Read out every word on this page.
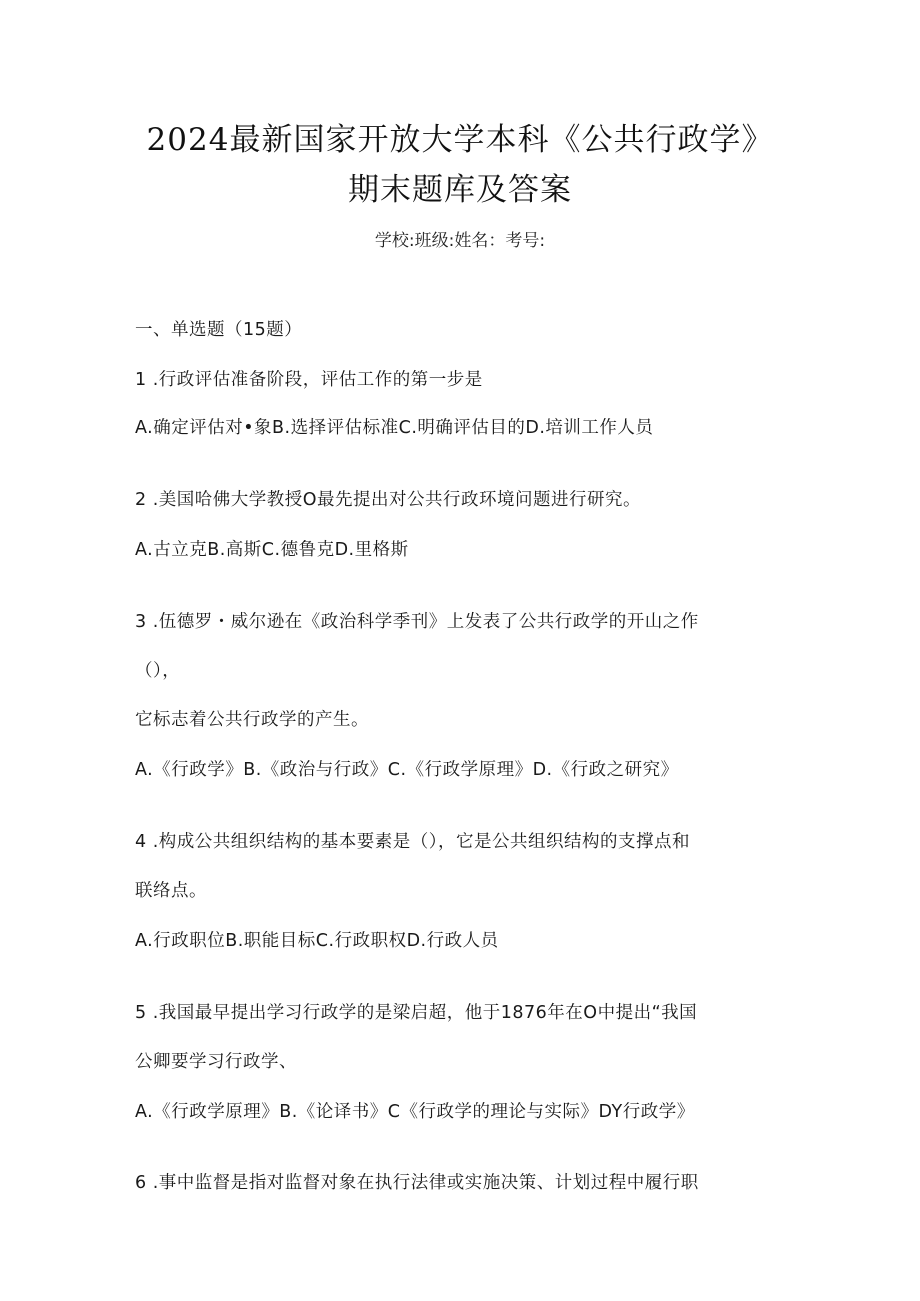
2024最新国家开放大学本科《公共行政学》
期末题库及答案
学校:班级:姓名：考号:
一、单选题（15题）
1 .行政评估准备阶段，评估工作的第一步是
A.确定评估对•象B.选择评估标准C.明确评估目的D.培训工作人员
2 .美国哈佛大学教授O最先提出对公共行政环境问题进行研究。
A.古立克B.高斯C.德鲁克D.里格斯
3 .伍德罗・威尔逊在《政治科学季刊》上发表了公共行政学的开山之作
（），
它标志着公共行政学的产生。
A.《行政学》B.《政治与行政》C.《行政学原理》D.《行政之研究》
4 .构成公共组织结构的基本要素是（），它是公共组织结构的支撑点和
联络点。
A.行政职位B.职能目标C.行政职权D.行政人员
5 .我国最早提出学习行政学的是梁启超，他于1876年在O中提出“我国
公卿要学习行政学、
A.《行政学原理》B.《论译书》C《行政学的理论与实际》DY行政学》
6 .事中监督是指对监督对象在执行法律或实施决策、计划过程中履行职
